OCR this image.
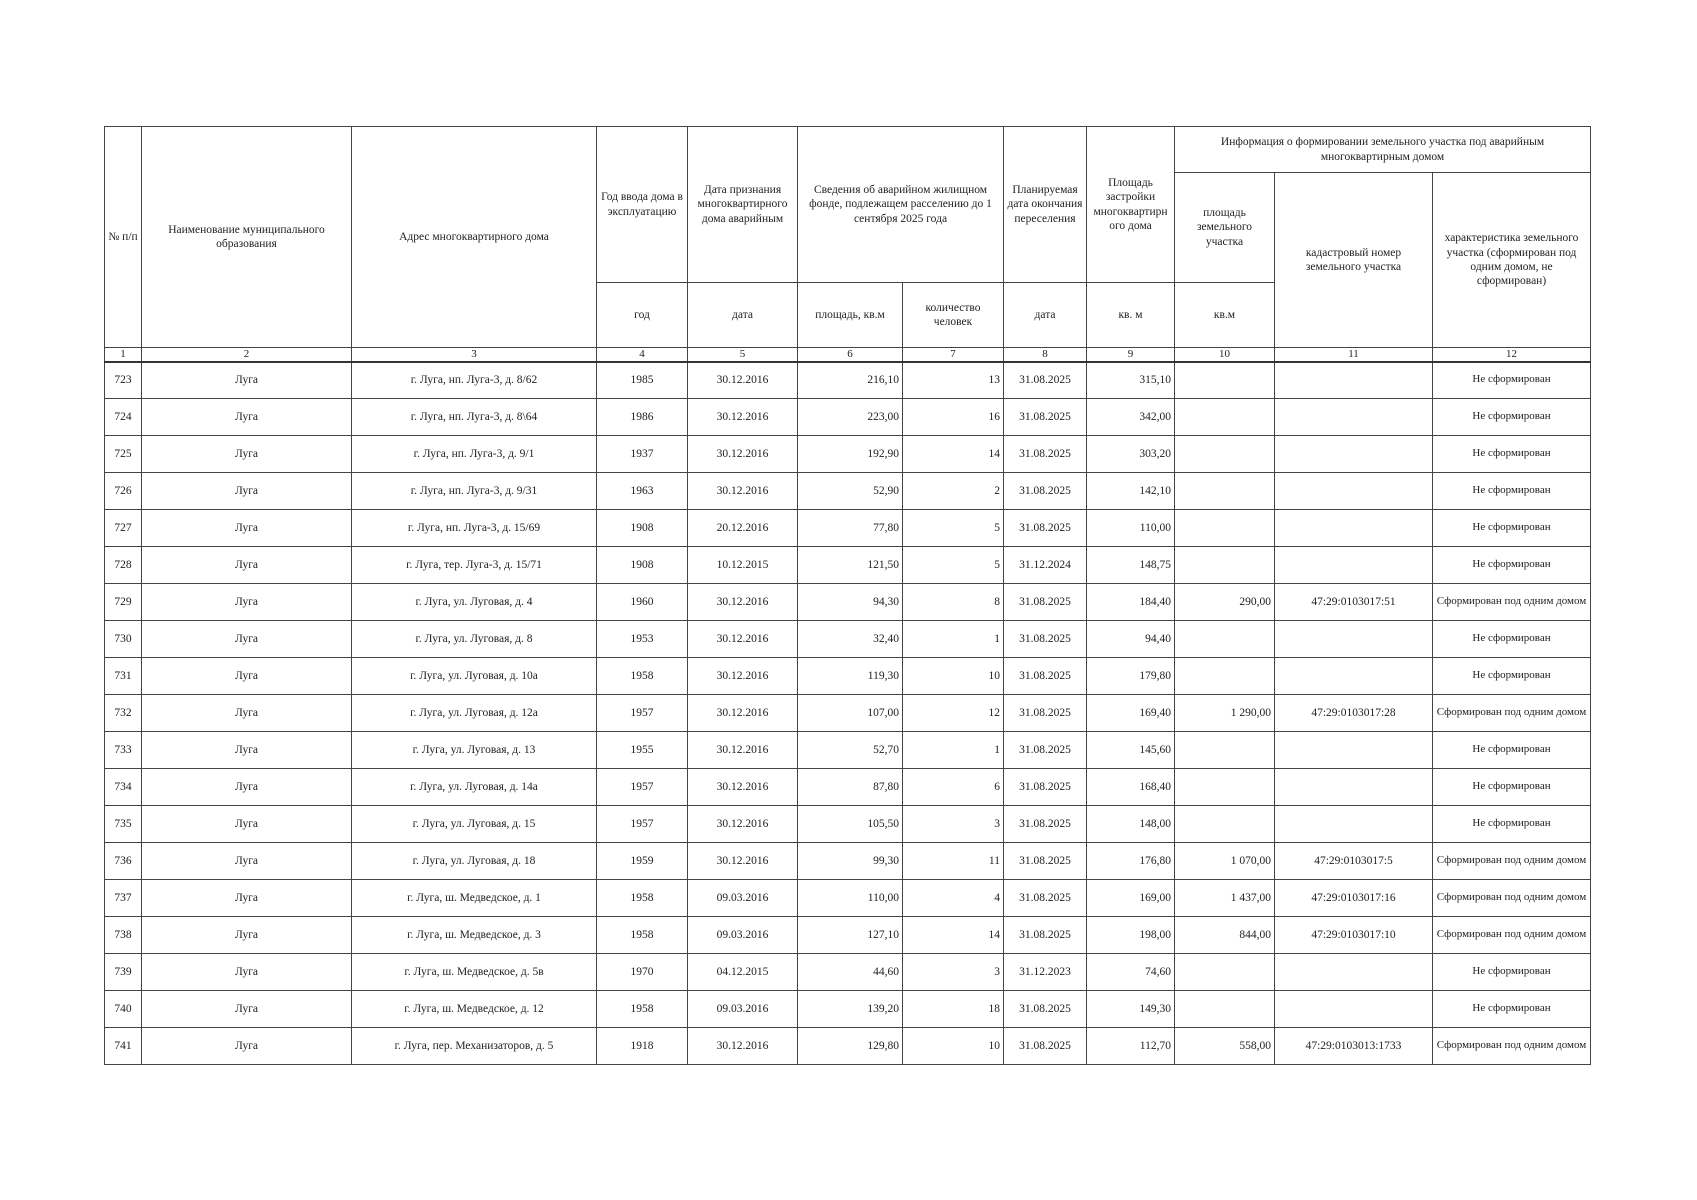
№ п/п	Наименование муниципального образования	Адрес многоквартирного дома	Год ввода дома в эксплуатацию	Дата признания многоквартирного дома аварийным	Сведения об аварийном жилищном фонде, подлежащем расселению до 1 сентября 2025 года		Планируемая дата окончания переселения	Площадь застройки многоквартирн ого дома	Информация о формировании земельного участка под аварийным многоквартирным домом		
									площадь земельного участка	кадастровый номер земельного участка	характеристика земельного участка (сформирован под одним домом, не сформирован)
			год	дата	площадь, кв.м	количество человек	дата	кв. м	кв.м		
1	2	3	4	5	6	7	8	9	10	11	12
723	Луга	г. Луга, нп. Луга-3, д. 8/62	1985	30.12.2016	216,10	13	31.08.2025	315,10			Не сформирован
724	Луга	г. Луга, нп. Луга-3, д. 8\64	1986	30.12.2016	223,00	16	31.08.2025	342,00			Не сформирован
725	Луга	г. Луга, нп. Луга-3, д. 9/1	1937	30.12.2016	192,90	14	31.08.2025	303,20			Не сформирован
726	Луга	г. Луга, нп. Луга-3, д. 9/31	1963	30.12.2016	52,90	2	31.08.2025	142,10			Не сформирован
727	Луга	г. Луга, нп. Луга-3, д. 15/69	1908	20.12.2016	77,80	5	31.08.2025	110,00			Не сформирован
728	Луга	г. Луга, тер. Луга-3, д. 15/71	1908	10.12.2015	121,50	5	31.12.2024	148,75			Не сформирован
729	Луга	г. Луга, ул. Луговая, д. 4	1960	30.12.2016	94,30	8	31.08.2025	184,40	290,00	47:29:0103017:51	Сформирован под одним домом
730	Луга	г. Луга, ул. Луговая, д. 8	1953	30.12.2016	32,40	1	31.08.2025	94,40			Не сформирован
731	Луга	г. Луга, ул. Луговая, д. 10а	1958	30.12.2016	119,30	10	31.08.2025	179,80			Не сформирован
732	Луга	г. Луга, ул. Луговая, д. 12а	1957	30.12.2016	107,00	12	31.08.2025	169,40	1 290,00	47:29:0103017:28	Сформирован под одним домом
733	Луга	г. Луга, ул. Луговая, д. 13	1955	30.12.2016	52,70	1	31.08.2025	145,60			Не сформирован
734	Луга	г. Луга, ул. Луговая, д. 14а	1957	30.12.2016	87,80	6	31.08.2025	168,40			Не сформирован
735	Луга	г. Луга, ул. Луговая, д. 15	1957	30.12.2016	105,50	3	31.08.2025	148,00			Не сформирован
736	Луга	г. Луга, ул. Луговая, д. 18	1959	30.12.2016	99,30	11	31.08.2025	176,80	1 070,00	47:29:0103017:5	Сформирован под одним домом
737	Луга	г. Луга, ш. Медведское, д. 1	1958	09.03.2016	110,00	4	31.08.2025	169,00	1 437,00	47:29:0103017:16	Сформирован под одним домом
738	Луга	г. Луга, ш. Медведское, д. 3	1958	09.03.2016	127,10	14	31.08.2025	198,00	844,00	47:29:0103017:10	Сформирован под одним домом
739	Луга	г. Луга, ш. Медведское, д. 5в	1970	04.12.2015	44,60	3	31.12.2023	74,60			Не сформирован
740	Луга	г. Луга, ш. Медведское, д. 12	1958	09.03.2016	139,20	18	31.08.2025	149,30			Не сформирован
741	Луга	г. Луга, пер. Механизаторов, д. 5	1918	30.12.2016	129,80	10	31.08.2025	112,70	558,00	47:29:0103013:1733	Сформирован под одним домом
